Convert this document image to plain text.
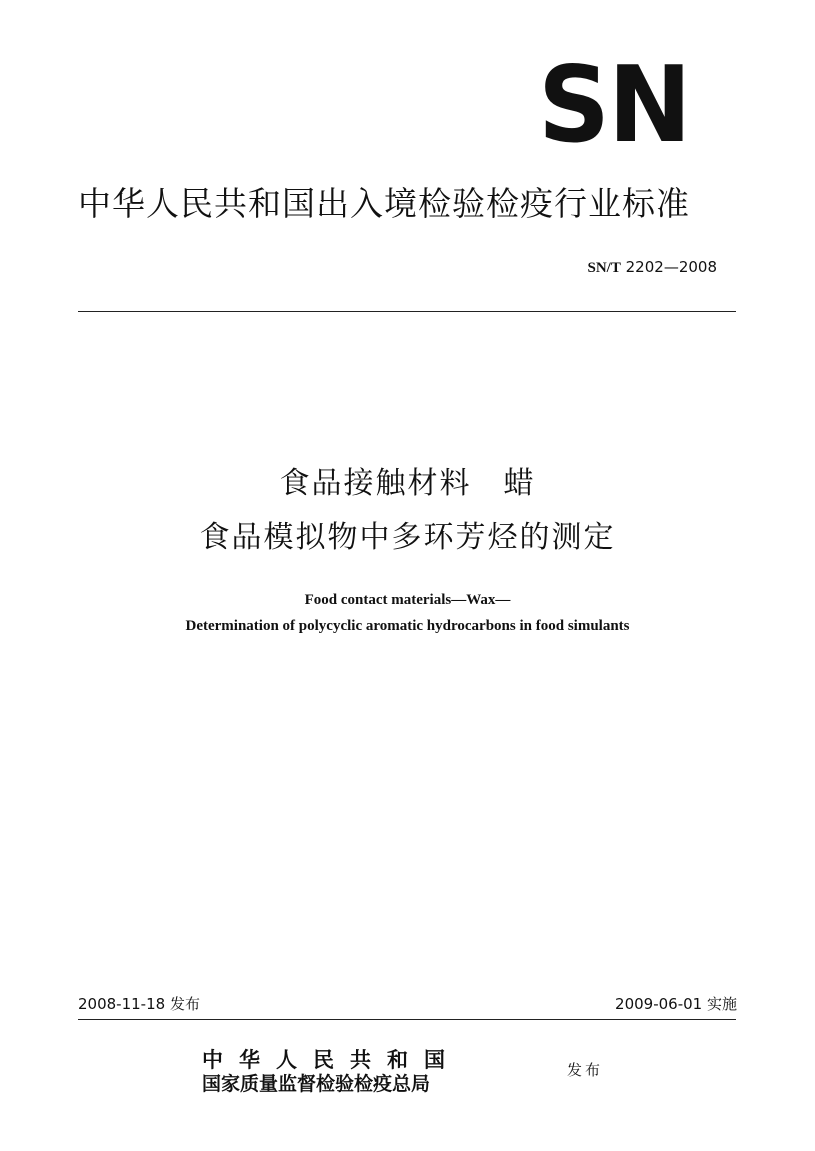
SN
中华人民共和国出入境检验检疫行业标准
SN/T 2202—2008
食品接触材料　蜡
食品模拟物中多环芳烃的测定
Food contact materials—Wax—
Determination of polycyclic aromatic hydrocarbons in food simulants
2008-11-18 发布	2009-06-01 实施
中华人民共和国
国家质量监督检验检疫总局
发布
